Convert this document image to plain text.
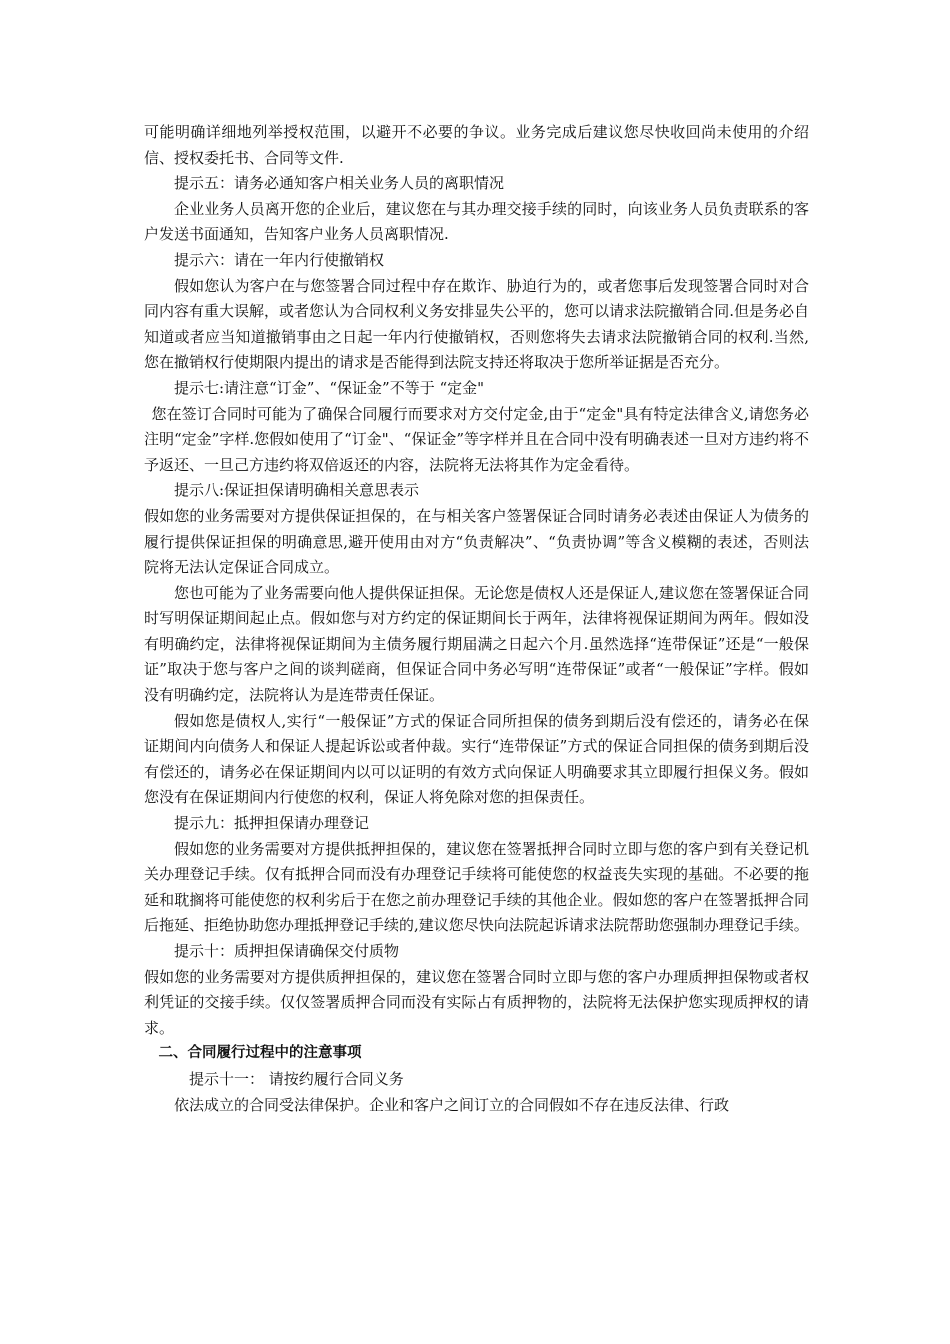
可能明确详细地列举授权范围，以避开不必要的争议。业务完成后建议您尽快收回尚未使用的介绍信、授权委托书、合同等文件.

提示五：请务必通知客户相关业务人员的离职情况

企业业务人员离开您的企业后，建议您在与其办理交接手续的同时，向该业务人员负责联系的客户发送书面通知，告知客户业务人员离职情况.

提示六：请在一年内行使撤销权

假如您认为客户在与您签署合同过程中存在欺诈、胁迫行为的，或者您事后发现签署合同时对合同内容有重大误解，或者您认为合同权利义务安排显失公平的，您可以请求法院撤销合同.但是务必自知道或者应当知道撤销事由之日起一年内行使撤销权，否则您将失去请求法院撤销合同的权利.当然,您在撤销权行使期限内提出的请求是否能得到法院支持还将取决于您所举证据是否充分。

提示七:请注意“订金”、“保证金”不等于 “定金"

您在签订合同时可能为了确保合同履行而要求对方交付定金,由于“定金"具有特定法律含义,请您务必注明“定金”字样.您假如使用了“订金"、“保证金”等字样并且在合同中没有明确表述一旦对方违约将不予返还、一旦己方违约将双倍返还的内容，法院将无法将其作为定金看待。

提示八:保证担保请明确相关意思表示

假如您的业务需要对方提供保证担保的，在与相关客户签署保证合同时请务必表述由保证人为债务的履行提供保证担保的明确意思,避开使用由对方“负责解决”、“负责协调”等含义模糊的表述，否则法院将无法认定保证合同成立。

您也可能为了业务需要向他人提供保证担保。无论您是债权人还是保证人,建议您在签署保证合同时写明保证期间起止点。假如您与对方约定的保证期间长于两年，法律将视保证期间为两年。假如没有明确约定，法律将视保证期间为主债务履行期届满之日起六个月.虽然选择“连带保证”还是“一般保证”取决于您与客户之间的谈判磋商，但保证合同中务必写明“连带保证”或者“一般保证”字样。假如没有明确约定，法院将认为是连带责任保证。

假如您是债权人,实行“一般保证”方式的保证合同所担保的债务到期后没有偿还的，请务必在保证期间内向债务人和保证人提起诉讼或者仲裁。实行“连带保证”方式的保证合同担保的债务到期后没有偿还的，请务必在保证期间内以可以证明的有效方式向保证人明确要求其立即履行担保义务。假如您没有在保证期间内行使您的权利，保证人将免除对您的担保责任。

提示九：抵押担保请办理登记

假如您的业务需要对方提供抵押担保的，建议您在签署抵押合同时立即与您的客户到有关登记机关办理登记手续。仅有抵押合同而没有办理登记手续将可能使您的权益丧失实现的基础。不必要的拖延和耽搁将可能使您的权利劣后于在您之前办理登记手续的其他企业。假如您的客户在签署抵押合同后拖延、拒绝协助您办理抵押登记手续的,建议您尽快向法院起诉请求法院帮助您强制办理登记手续。

提示十：质押担保请确保交付质物

假如您的业务需要对方提供质押担保的，建议您在签署合同时立即与您的客户办理质押担保物或者权利凭证的交接手续。仅仅签署质押合同而没有实际占有质押物的，法院将无法保护您实现质押权的请求。

二、合同履行过程中的注意事项

提示十一： 请按约履行合同义务

依法成立的合同受法律保护。企业和客户之间订立的合同假如不存在违反法律、行政
